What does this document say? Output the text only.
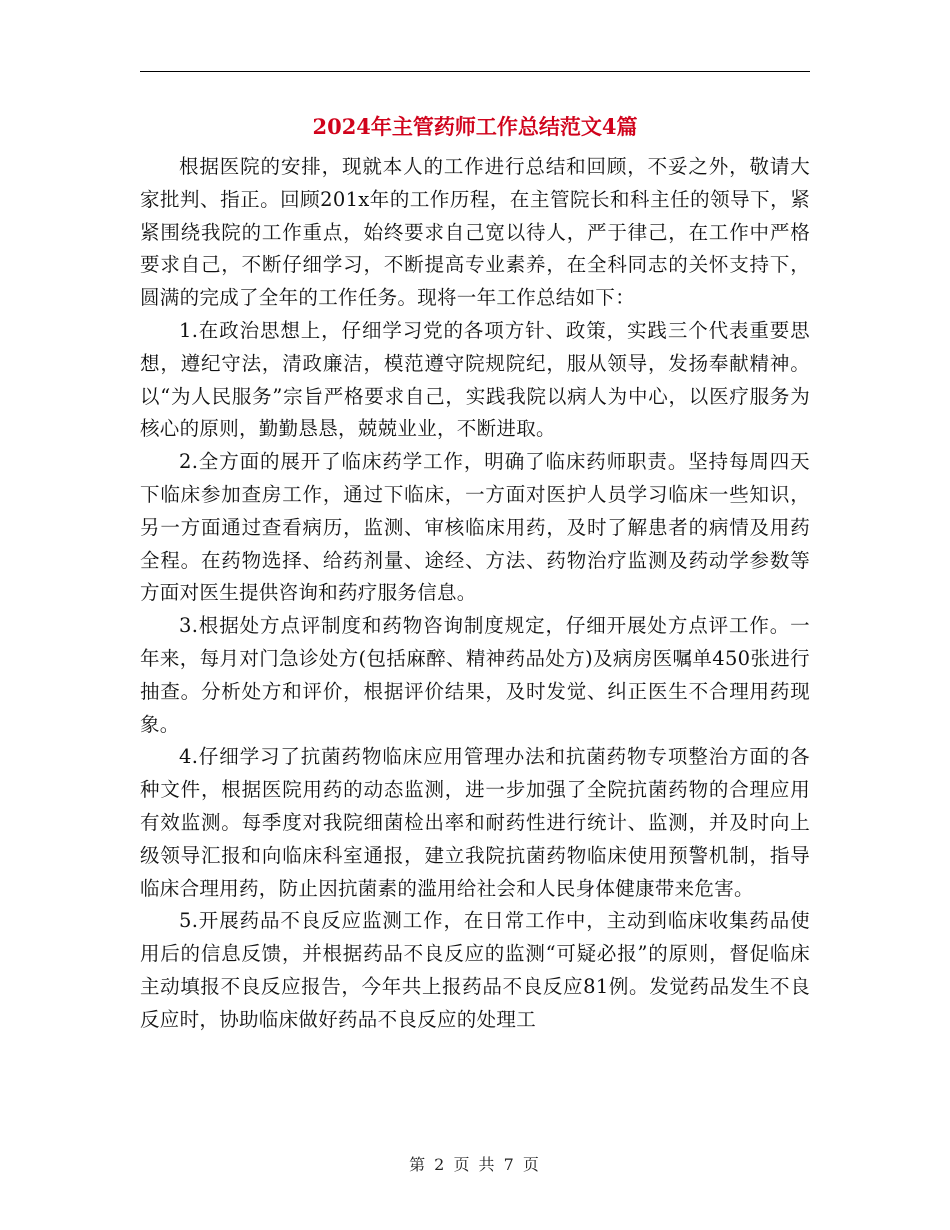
2024年主管药师工作总结范文4篇

根据医院的安排，现就本人的工作进行总结和回顾，不妥之外，敬请大家批判、指正。回顾201x年的工作历程，在主管院长和科主任的领导下，紧紧围绕我院的工作重点，始终要求自己宽以待人，严于律己，在工作中严格要求自己，不断仔细学习，不断提高专业素养，在全科同志的关怀支持下，圆满的完成了全年的工作任务。现将一年工作总结如下：

1.在政治思想上，仔细学习党的各项方针、政策，实践三个代表重要思想，遵纪守法，清政廉洁，模范遵守院规院纪，服从领导，发扬奉献精神。以“为人民服务”宗旨严格要求自己，实践我院以病人为中心，以医疗服务为核心的原则，勤勤恳恳，兢兢业业，不断进取。

2.全方面的展开了临床药学工作，明确了临床药师职责。坚持每周四天下临床参加查房工作，通过下临床，一方面对医护人员学习临床一些知识，另一方面通过查看病历，监测、审核临床用药，及时了解患者的病情及用药全程。在药物选择、给药剂量、途经、方法、药物治疗监测及药动学参数等方面对医生提供咨询和药疗服务信息。

3.根据处方点评制度和药物咨询制度规定，仔细开展处方点评工作。一年来，每月对门急诊处方(包括麻醉、精神药品处方)及病房医嘱单450张进行抽查。分析处方和评价，根据评价结果，及时发觉、纠正医生不合理用药现象。

4.仔细学习了抗菌药物临床应用管理办法和抗菌药物专项整治方面的各种文件，根据医院用药的动态监测，进一步加强了全院抗菌药物的合理应用有效监测。每季度对我院细菌检出率和耐药性进行统计、监测，并及时向上级领导汇报和向临床科室通报，建立我院抗菌药物临床使用预警机制，指导临床合理用药，防止因抗菌素的滥用给社会和人民身体健康带来危害。

5.开展药品不良反应监测工作，在日常工作中，主动到临床收集药品使用后的信息反馈，并根据药品不良反应的监测“可疑必报”的原则，督促临床主动填报不良反应报告，今年共上报药品不良反应81例。发觉药品发生不良反应时，协助临床做好药品不良反应的处理工

第 2 页 共 7 页
